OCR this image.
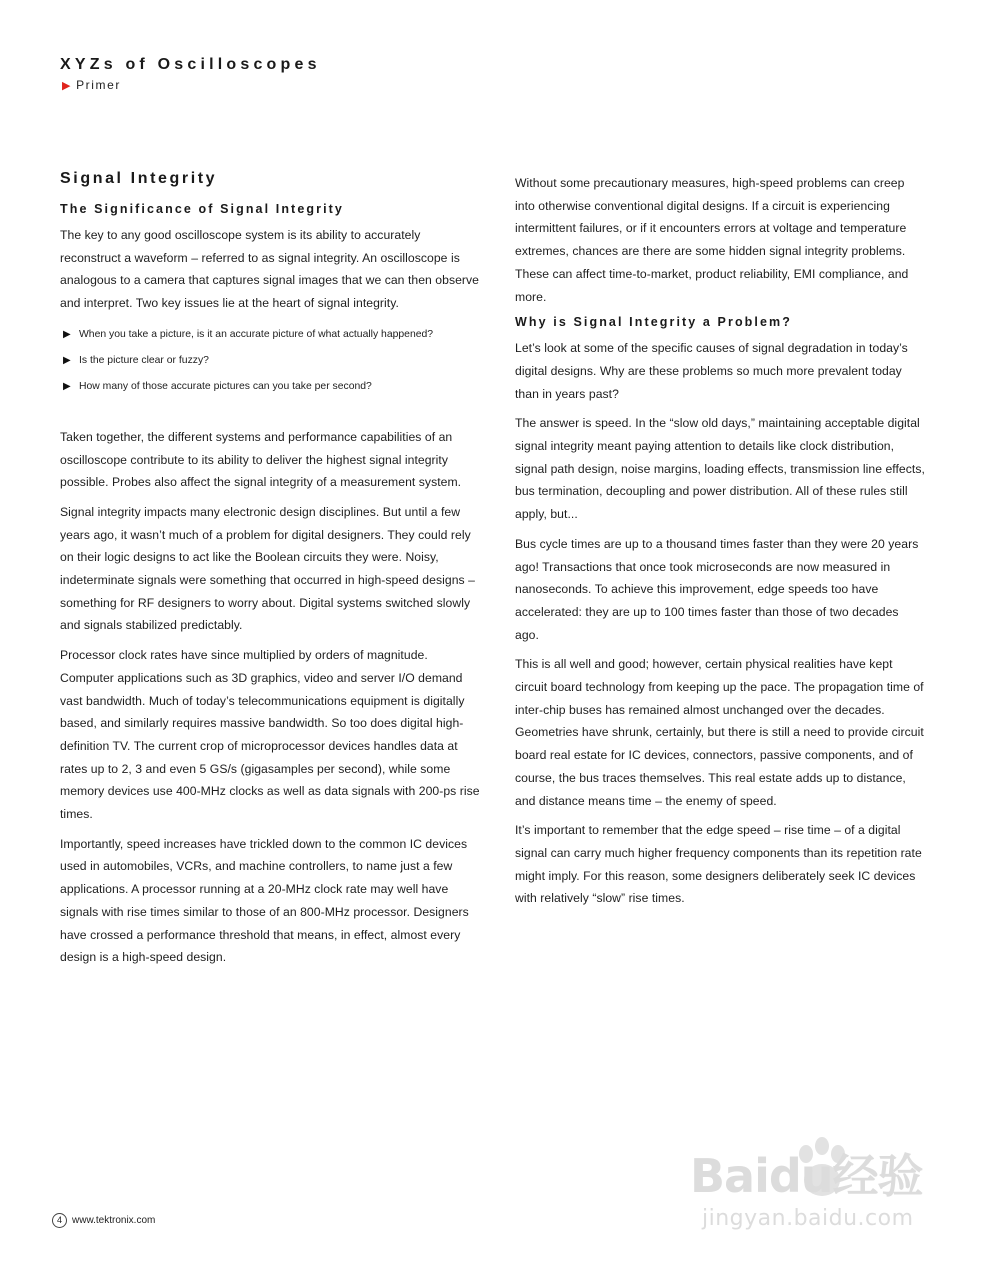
XYZs of Oscilloscopes
▶ Primer
Signal Integrity
The Significance of Signal Integrity

The key to any good oscilloscope system is its ability to accurately reconstruct a waveform – referred to as signal integrity. An oscilloscope is analogous to a camera that captures signal images that we can then observe and interpret. Two key issues lie at the heart of signal integrity.

▶ When you take a picture, is it an accurate picture of what actually happened?
▶ Is the picture clear or fuzzy?
▶ How many of those accurate pictures can you take per second?

Taken together, the different systems and performance capabilities of an oscilloscope contribute to its ability to deliver the highest signal integrity possible. Probes also affect the signal integrity of a measurement system.

Signal integrity impacts many electronic design disciplines. But until a few years ago, it wasn’t much of a problem for digital designers. They could rely on their logic designs to act like the Boolean circuits they were. Noisy, indeterminate signals were something that occurred in high-speed designs – something for RF designers to worry about. Digital systems switched slowly and signals stabilized predictably.

Processor clock rates have since multiplied by orders of magnitude. Computer applications such as 3D graphics, video and server I/O demand vast bandwidth. Much of today’s telecommunications equipment is digitally based, and similarly requires massive bandwidth. So too does digital high-definition TV. The current crop of microprocessor devices handles data at rates up to 2, 3 and even 5 GS/s (gigasamples per second), while some memory devices use 400-MHz clocks as well as data signals with 200-ps rise times.

Importantly, speed increases have trickled down to the common IC devices used in automobiles, VCRs, and machine controllers, to name just a few applications. A processor running at a 20-MHz clock rate may well have signals with rise times similar to those of an 800-MHz processor. Designers have crossed a performance threshold that means, in effect, almost every design is a high-speed design.

Without some precautionary measures, high-speed problems can creep into otherwise conventional digital designs. If a circuit is experiencing intermittent failures, or if it encounters errors at voltage and temperature extremes, chances are there are some hidden signal integrity problems. These can affect time-to-market, product reliability, EMI compliance, and more.

Why is Signal Integrity a Problem?

Let’s look at some of the specific causes of signal degradation in today’s digital designs. Why are these problems so much more prevalent today than in years past?

The answer is speed. In the “slow old days,” maintaining acceptable digital signal integrity meant paying attention to details like clock distribution, signal path design, noise margins, loading effects, transmission line effects, bus termination, decoupling and power distribution. All of these rules still apply, but...

Bus cycle times are up to a thousand times faster than they were 20 years ago! Transactions that once took microseconds are now measured in nanoseconds. To achieve this improvement, edge speeds too have accelerated: they are up to 100 times faster than those of two decades ago.

This is all well and good; however, certain physical realities have kept circuit board technology from keeping up the pace. The propagation time of inter-chip buses has remained almost unchanged over the decades. Geometries have shrunk, certainly, but there is still a need to provide circuit board real estate for IC devices, connectors, passive components, and of course, the bus traces themselves. This real estate adds up to distance, and distance means time – the enemy of speed.

It’s important to remember that the edge speed – rise time – of a digital signal can carry much higher frequency components than its repetition rate might imply. For this reason, some designers deliberately seek IC devices with relatively “slow” rise times.

4	www.tektronix.com
Baidu经验
jingyan.baidu.com
